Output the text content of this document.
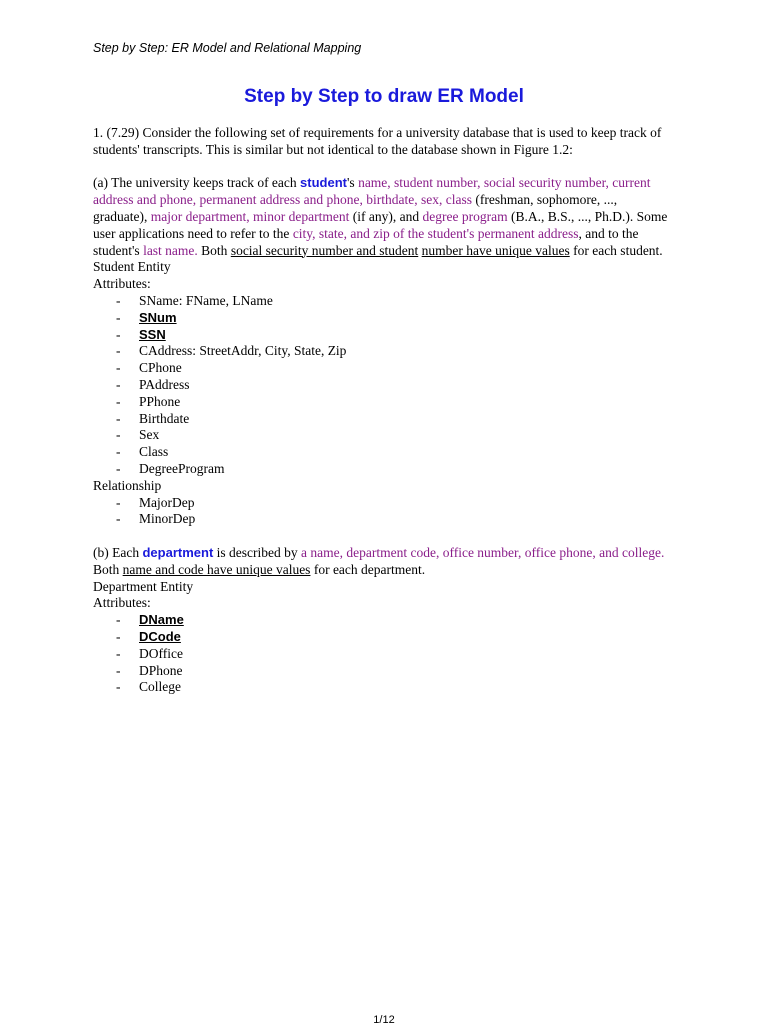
Step by Step: ER Model and Relational Mapping
Step by Step to draw ER Model

1. (7.29) Consider the following set of requirements for a university database that is used to keep track of students' transcripts. This is similar but not identical to the database shown in Figure 1.2:

(a) The university keeps track of each student's name, student number, social security number, current address and phone, permanent address and phone, birthdate, sex, class (freshman, sophomore, ..., graduate), major department, minor department (if any), and degree program (B.A., B.S., ..., Ph.D.). Some user applications need to refer to the city, state, and zip of the student's permanent address, and to the student's last name. Both social security number and student number have unique values for each student.

Student Entity

Attributes:

- SName: FName, LName
- SNum
- SSN
- CAddress: StreetAddr, City, State, Zip
- CPhone
- PAddress
- PPhone
- Birthdate
- Sex
- Class
- DegreeProgram

Relationship

- MajorDep
- MinorDep

(b) Each department is described by a name, department code, office number, office phone, and college. Both name and code have unique values for each department.

Department Entity

Attributes:

- DName
- DCode
- DOffice
- DPhone
- College
1/12
